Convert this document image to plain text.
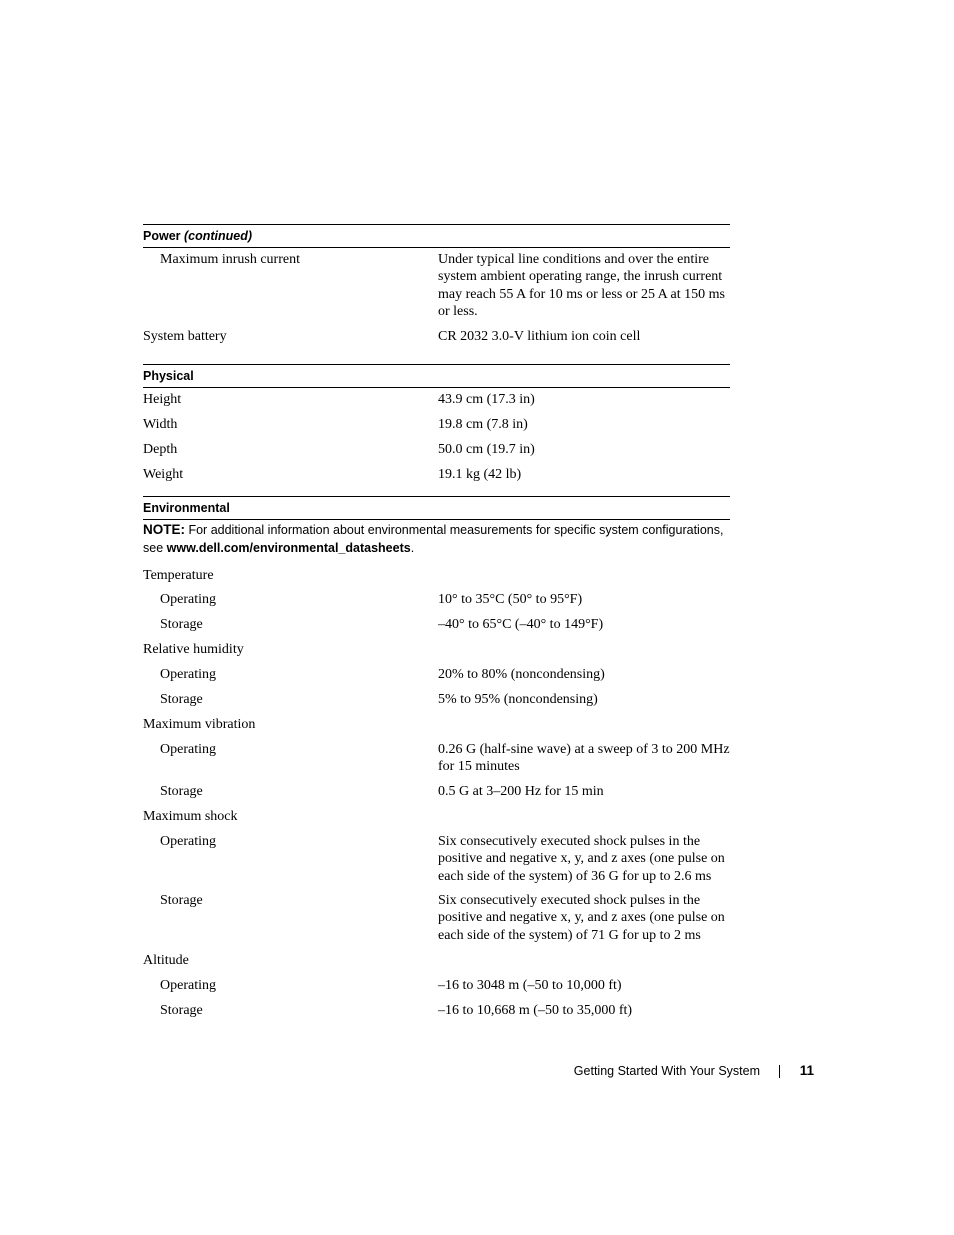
Power (continued)
Maximum inrush current	Under typical line conditions and over the entire system ambient operating range, the inrush current may reach 55 A for 10 ms or less or 25 A at 150 ms or less.
System battery	CR 2032 3.0-V lithium ion coin cell
Physical
Height	43.9 cm (17.3 in)
Width	19.8 cm (7.8 in)
Depth	50.0 cm (19.7 in)
Weight	19.1 kg (42 lb)
Environmental
NOTE: For additional information about environmental measurements for specific system configurations, see www.dell.com/environmental_datasheets.
Temperature
Operating	10° to 35°C (50° to 95°F)
Storage	–40° to 65°C (–40° to 149°F)
Relative humidity
Operating	20% to 80% (noncondensing)
Storage	5% to 95% (noncondensing)
Maximum vibration
Operating	0.26 G (half-sine wave) at a sweep of 3 to 200 MHz for 15 minutes
Storage	0.5 G at 3–200 Hz for 15 min
Maximum shock
Operating	Six consecutively executed shock pulses in the positive and negative x, y, and z axes (one pulse on each side of the system) of 36 G for up to 2.6 ms
Storage	Six consecutively executed shock pulses in the positive and negative x, y, and z axes (one pulse on each side of the system) of 71 G for up to 2 ms
Altitude
Operating	–16 to 3048 m (–50 to 10,000 ft)
Storage	–16 to 10,668 m (–50 to 35,000 ft)
Getting Started With Your System	11
